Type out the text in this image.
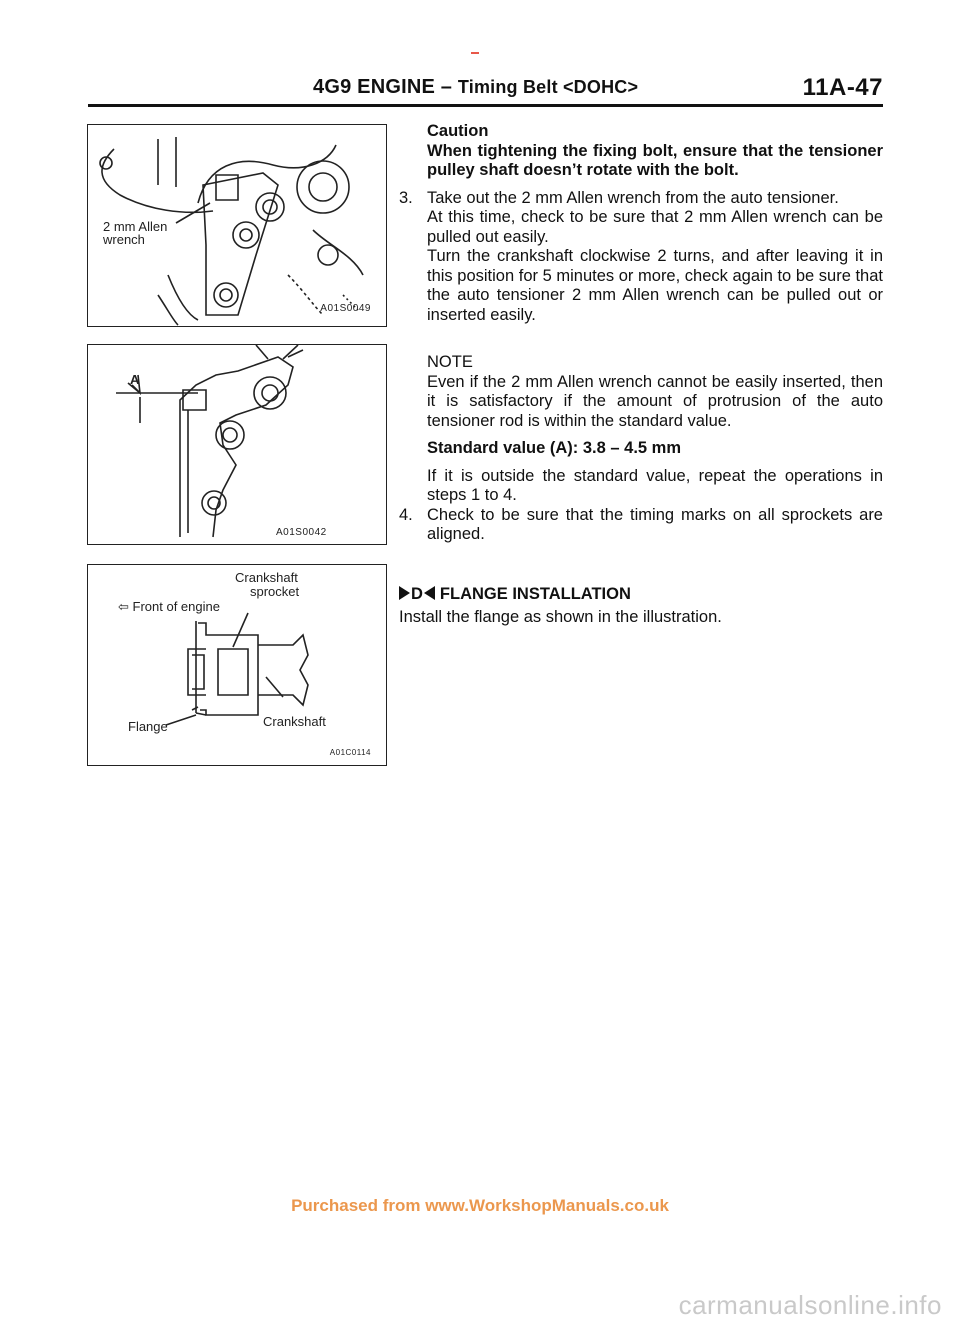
4G9 ENGINE – Timing Belt <DOHC>	11A-47
2 mm Allen
wrench
A01S0049
A
A01S0042
Crankshaft
sprocket
⇦ Front of engine
Flange	Crankshaft
A01C0114

Caution

When tightening the fixing bolt, ensure that the tensioner pulley shaft doesn’t rotate with the bolt.

3. Take out the 2 mm Allen wrench from the auto tensioner.

At this time, check to be sure that 2 mm Allen wrench can be pulled out easily.

Turn the crankshaft clockwise 2 turns, and after leaving it in this position for 5 minutes or more, check again to be sure that the auto tensioner 2 mm Allen wrench can be pulled out or inserted easily.

NOTE

Even if the 2 mm Allen wrench cannot be easily inserted, then it is satisfactory if the amount of protrusion of the auto tensioner rod is within the standard value.

Standard value (A): 3.8 – 4.5 mm

If it is outside the standard value, repeat the operations in steps 1 to 4.

4. Check to be sure that the timing marks on all sprockets are aligned.

D FLANGE INSTALLATION

Install the flange as shown in the illustration.

Purchased from www.WorkshopManuals.co.uk
carmanualsonline.info
